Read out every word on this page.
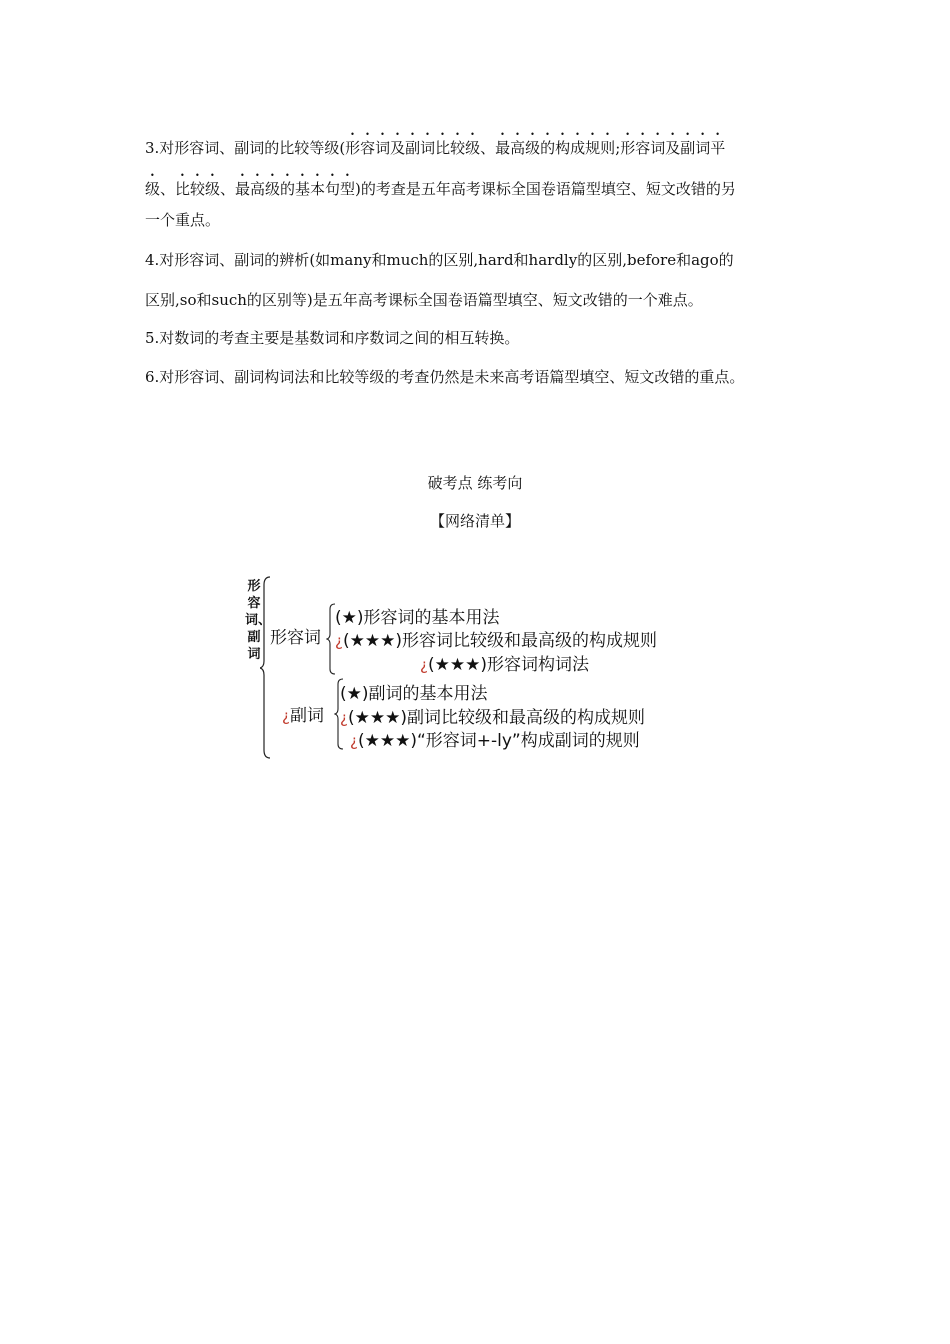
3.对形容词、副词的比较等级(形容词及副词比较级、最高级的构成规则;形容词及副词平

级、比较级、最高级的基本句型)的考查是五年高考课标全国卷语篇型填空、短文改错的另

一个重点。

4.对形容词、副词的辨析(如many和much的区别,hard和hardly的区别,before和ago的

区别,so和such的区别等)是五年高考课标全国卷语篇型填空、短文改错的一个难点。

5.对数词的考查主要是基数词和序数词之间的相互转换。

6.对形容词、副词构词法和比较等级的考查仍然是未来高考语篇型填空、短文改错的重点。

破考点 练考向
【网络清单】
形容词、副词
形容词
(★)形容词的基本用法
¿(★★★)形容词比较级和最高级的构成规则
¿(★★★)形容词构词法
¿副词
(★)副词的基本用法
¿(★★★)副词比较级和最高级的构成规则
¿(★★★)“形容词+-ly”构成副词的规则
